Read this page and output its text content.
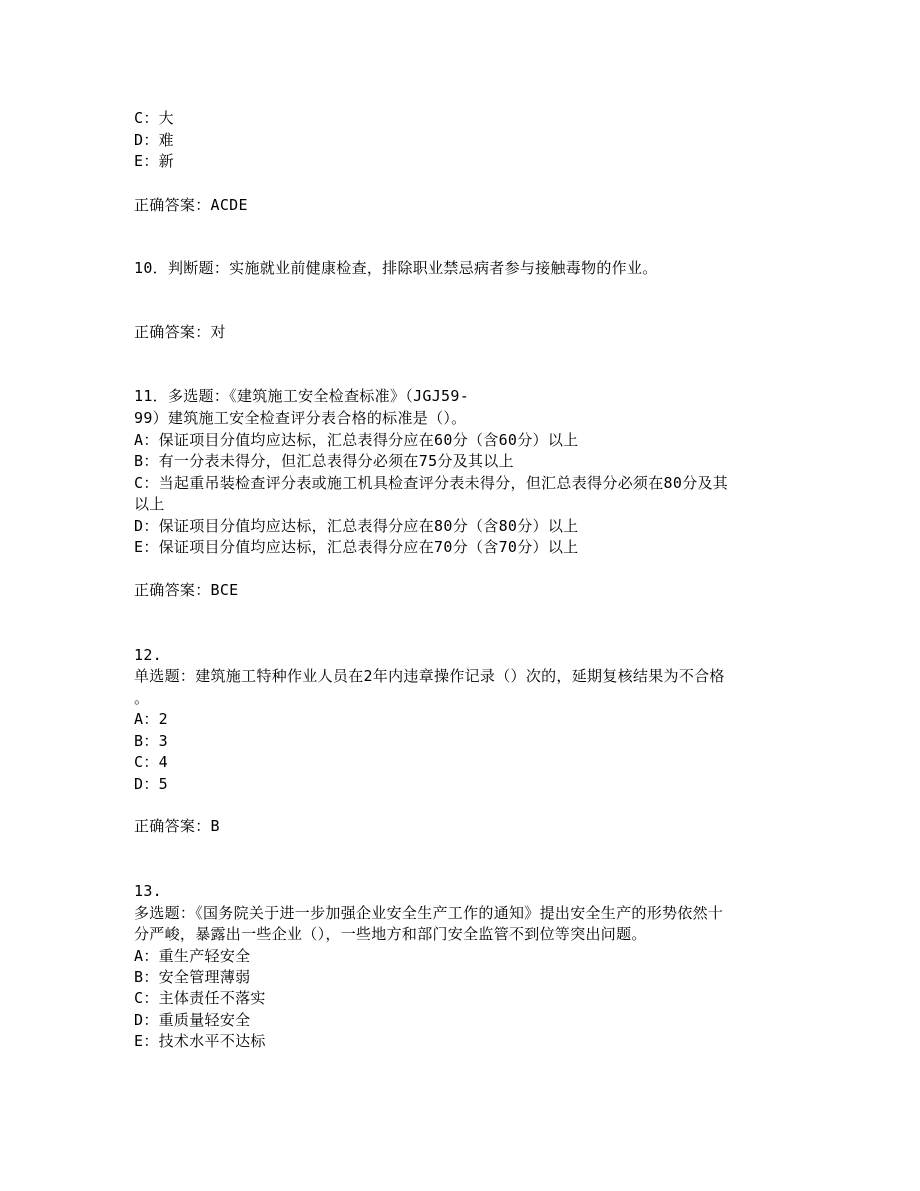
C：大
D：难
E：新
正确答案：ACDE
10．判断题：实施就业前健康检查，排除职业禁忌病者参与接触毒物的作业。
正确答案：对
11．多选题：《建筑施工安全检查标准》（JGJ59-
99）建筑施工安全检查评分表合格的标准是（）。
A：保证项目分值均应达标，汇总表得分应在60分（含60分）以上
B：有一分表未得分，但汇总表得分必须在75分及其以上
C：当起重吊装检查评分表或施工机具检查评分表未得分，但汇总表得分必须在80分及其
以上
D：保证项目分值均应达标，汇总表得分应在80分（含80分）以上
E：保证项目分值均应达标，汇总表得分应在70分（含70分）以上
正确答案：BCE
12.
单选题：建筑施工特种作业人员在2年内违章操作记录（）次的，延期复核结果为不合格
。
A：2
B：3
C：4
D：5
正确答案：B
13.
多选题：《国务院关于进一步加强企业安全生产工作的通知》提出安全生产的形势依然十
分严峻，暴露出一些企业（），一些地方和部门安全监管不到位等突出问题。
A：重生产轻安全
B：安全管理薄弱
C：主体责任不落实
D：重质量轻安全
E：技术水平不达标
